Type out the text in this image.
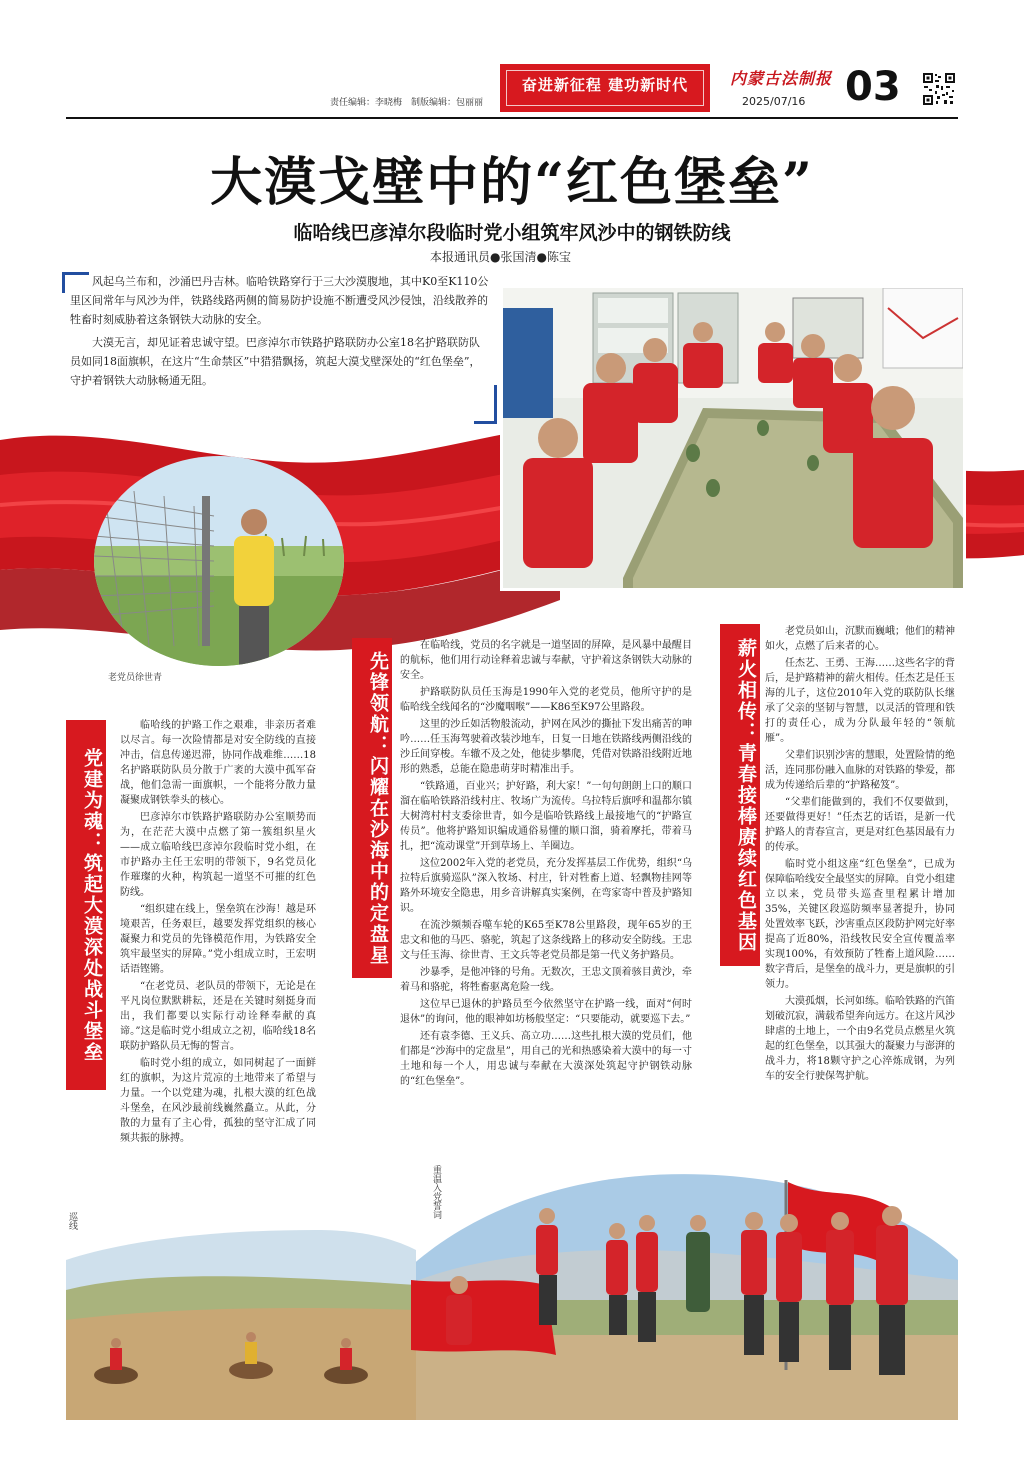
责任编辑：李晓梅　制版编辑：包丽丽
奋进新征程 建功新时代	内蒙古法制报
2025/07/16 03
大漠戈壁中的“红色堡垒”
临哈线巴彦淖尔段临时党小组筑牢风沙中的钢铁防线
本报通讯员●张国清●陈宝

风起乌兰布和，沙涌巴丹吉林。临哈铁路穿行于三大沙漠腹地，其中K0至K110公里区间常年与风沙为伴，铁路线路两侧的简易防护设施不断遭受风沙侵蚀，沿线散养的牲畜时刻威胁着这条钢铁大动脉的安全。

大漠无言，却见证着忠诚守望。巴彦淖尔市铁路护路联防办公室18名护路联防队员如同18面旗帜，在这片“生命禁区”中猎猎飘扬，筑起大漠戈壁深处的“红色堡垒”，守护着钢铁大动脉畅通无阻。

老党员徐世青
党建为魂：筑起大漠深处战斗堡垒

临哈线的护路工作之艰难，非亲历者难以尽言。每一次险情都是对安全防线的直接冲击，信息传递迟滞，协同作战难维……18名护路联防队员分散于广袤的大漠中孤军奋战，他们急需一面旗帜，一个能将分散力量凝聚成钢铁拳头的核心。

巴彦淖尔市铁路护路联防办公室顺势而为，在茫茫大漠中点燃了第一簇组织星火——成立临哈线巴彦淖尔段临时党小组，在市护路办主任王宏明的带领下，9名党员化作璀璨的火种，构筑起一道坚不可摧的红色防线。

“组织建在线上，堡垒筑在沙海！越是环境艰苦，任务艰巨，越要发挥党组织的核心凝聚力和党员的先锋模范作用，为铁路安全筑牢最坚实的屏障。”党小组成立时，王宏明话语铿锵。

“在老党员、老队员的带领下，无论是在平凡岗位默默耕耘，还是在关键时刻挺身而出，我们都要以实际行动诠释奉献的真谛。”这是临时党小组成立之初，临哈线18名联防护路队员无悔的誓言。

临时党小组的成立，如同树起了一面鲜红的旗帜，为这片荒凉的土地带来了希望与力量。一个以党建为魂，扎根大漠的红色战斗堡垒，在风沙最前线巍然矗立。从此，分散的力量有了主心骨，孤独的坚守汇成了同频共振的脉搏。

先锋领航：闪耀在沙海中的定盘星

在临哈线，党员的名字就是一道坚固的屏障，是风暴中最醒目的航标，他们用行动诠释着忠诚与奉献，守护着这条钢铁大动脉的安全。

护路联防队员任玉海是1990年入党的老党员，他所守护的是临哈线全线闻名的“沙魔咽喉”——K86至K97公里路段。

这里的沙丘如活物般流动，护网在风沙的撕扯下发出痛苦的呻吟……任玉海驾驶着改装沙地车，日复一日地在铁路线两侧沿线的沙丘间穿梭。车辙不及之处，他徒步攀爬，凭借对铁路沿线附近地形的熟悉，总能在隐患萌芽时精准出手。

“铁路通，百业兴；护好路，利大家！”一句句朗朗上口的顺口溜在临哈铁路沿线村庄、牧场广为流传。乌拉特后旗呼和温都尔镇大树湾村村支委徐世青，如今是临哈铁路线上最接地气的“护路宣传员”。他将护路知识编成通俗易懂的顺口溜，骑着摩托，带着马扎，把“流动课堂”开到草场上、羊圈边。

这位2002年入党的老党员，充分发挥基层工作优势，组织“乌拉特后旗骑巡队”深入牧场、村庄，针对牲畜上道、轻飘物挂网等路外环境安全隐患，用乡音讲解真实案例，在弯家寄中普及护路知识。

在流沙频频吞噬车轮的K65至K78公里路段，现年65岁的王忠文和他的马匹、骆驼，筑起了这条线路上的移动安全防线。王忠文与任玉海、徐世青、王文兵等老党员都是第一代义务护路员。

沙暴季，是他冲锋的号角。无数次，王忠文顶着骇目黄沙，牵着马和骆驼，将牲畜驱离危险一线。

这位早已退休的护路员至今依然坚守在护路一线，面对“何时退休”的询问，他的眼神如坊杨般坚定：“只要能动，就要巡下去。”

还有袁李德、王义兵、高立功……这些扎根大漠的党员们，他们都是“沙海中的定盘星”，用自己的光和热感染着大漠中的每一寸土地和每一个人，用忠诚与奉献在大漠深处筑起守护钢铁动脉的“红色堡垒”。

薪火相传：青春接棒赓续红色基因

老党员如山，沉默而巍峨；他们的精神如火，点燃了后来者的心。

任杰艺、王勇、王海……这些名字的背后，是护路精神的薪火相传。任杰艺是任玉海的儿子，这位2010年入党的联防队长继承了父亲的坚韧与智慧，以灵活的管理和铁打的责任心，成为分队最年轻的“领航雁”。

父辈们识别沙害的慧眼，处置险情的绝活，连同那份融入血脉的对铁路的挚爱，都成为传递给后辈的“护路秘笈”。

“父辈们能做到的，我们不仅要做到，还要做得更好！”任杰艺的话语，是新一代护路人的青春宣言，更是对红色基因最有力的传承。

临时党小组这座“红色堡垒”，已成为保障临哈线安全最坚实的屏障。自党小组建立以来，党员带头巡查里程累计增加35%，关键区段巡防频率显著提升，协同处置效率飞跃，沙害重点区段防护网完好率提高了近80%，沿线牧民安全宣传覆盖率实现100%，有效预防了牲畜上道风险……数字背后，是堡垒的战斗力，更是旗帜的引领力。

大漠孤烟，长河如练。临哈铁路的汽笛划破沉寂，满载希望奔向远方。在这片风沙肆虐的土地上，一个由9名党员点燃星火筑起的红色堡垒，以其强大的凝聚力与澎湃的战斗力，将18颗守护之心淬炼成钢，为列车的安全行驶保驾护航。

重温入党誓词
巡线
